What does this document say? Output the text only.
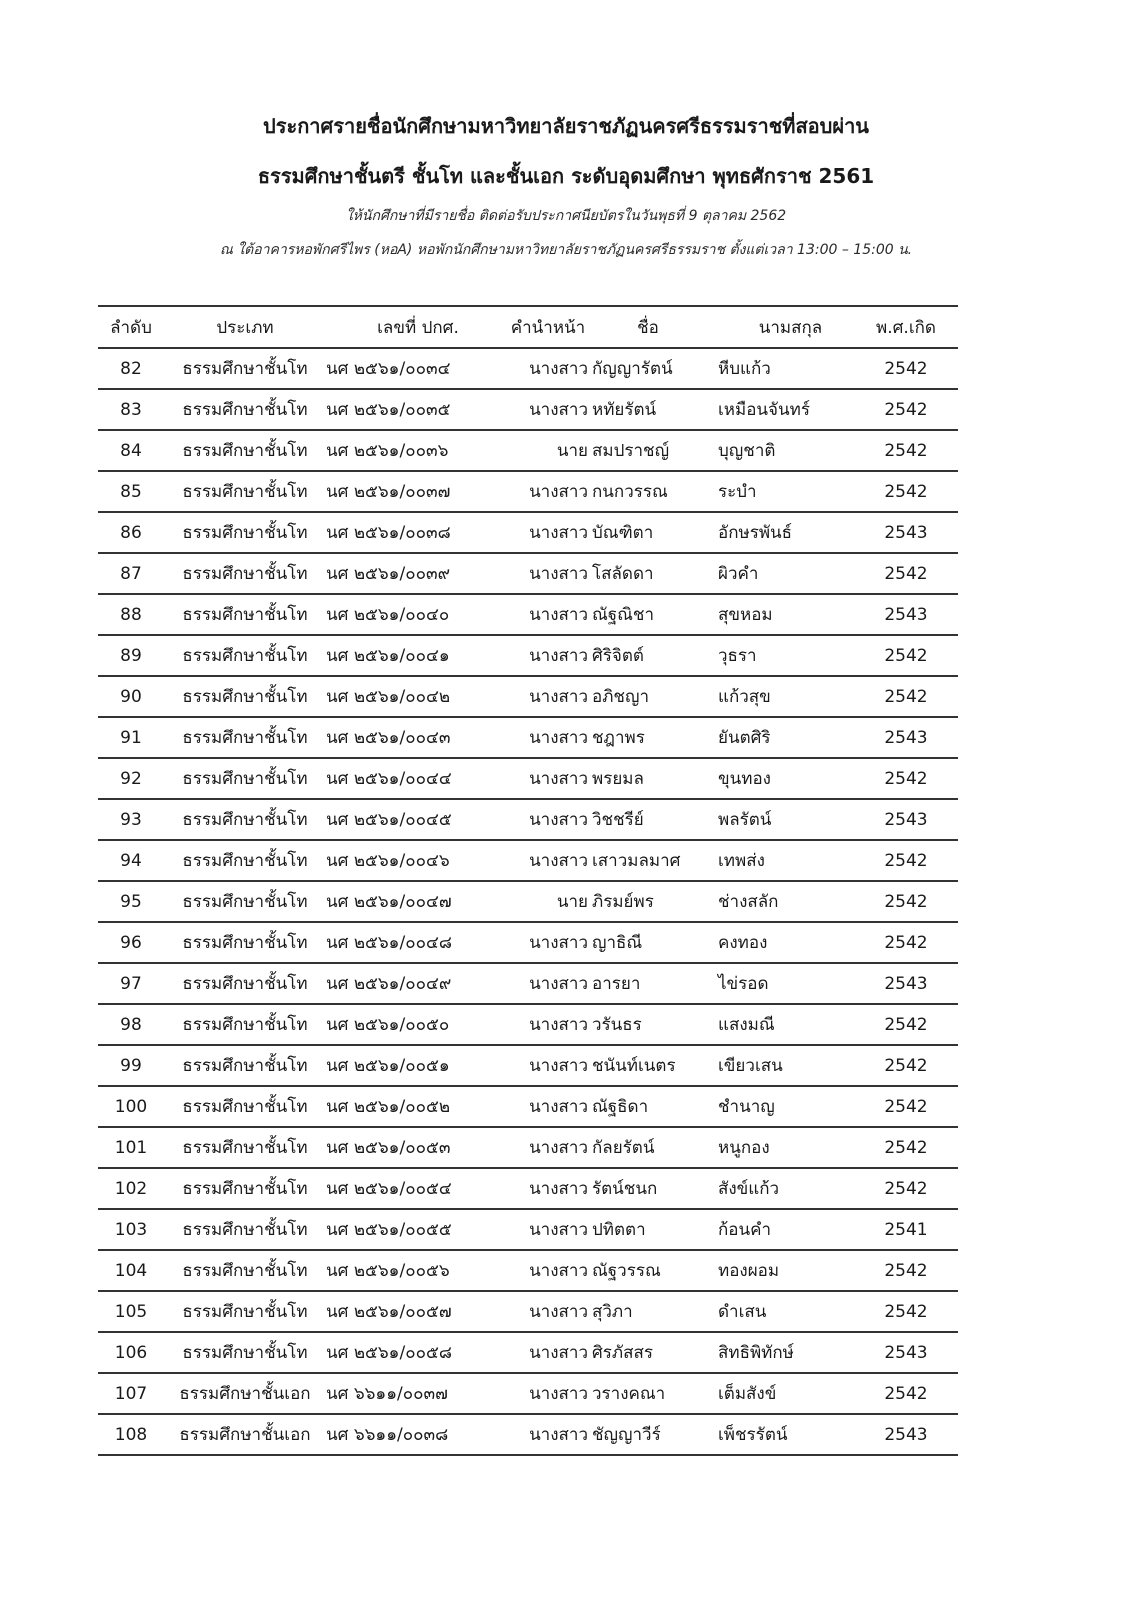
ประกาศรายชื่อนักศึกษามหาวิทยาลัยราชภัฏนครศรีธรรมราชที่สอบผ่าน
ธรรมศึกษาชั้นตรี ชั้นโท และชั้นเอก ระดับอุดมศึกษา พุทธศักราช 2561
ให้นักศึกษาที่มีรายชื่อ ติดต่อรับประกาศนียบัตรในวันพุธที่ 9 ตุลาคม 2562
ณ ใต้อาคารหอพักศรีไพร (หอA) หอพักนักศึกษามหาวิทยาลัยราชภัฏนครศรีธรรมราช ตั้งแต่เวลา 13:00 – 15:00 น.
ลำดับ	ประเภท	เลขที่ ปกศ.	คำนำหน้า	ชื่อ	นามสกุล	พ.ศ.เกิด
82	ธรรมศึกษาชั้นโท	นศ ๒๕๖๑/๐๐๓๔	นางสาว กัญญารัตน์	หีบแก้ว	2542
83	ธรรมศึกษาชั้นโท	นศ ๒๕๖๑/๐๐๓๕	นางสาว หทัยรัตน์	เหมือนจันทร์	2542
84	ธรรมศึกษาชั้นโท	นศ ๒๕๖๑/๐๐๓๖	นาย สมปราชญ์	บุญชาติ	2542
85	ธรรมศึกษาชั้นโท	นศ ๒๕๖๑/๐๐๓๗	นางสาว กนกวรรณ	ระบำ	2542
86	ธรรมศึกษาชั้นโท	นศ ๒๕๖๑/๐๐๓๘	นางสาว บัณฑิตา	อักษรพันธ์	2543
87	ธรรมศึกษาชั้นโท	นศ ๒๕๖๑/๐๐๓๙	นางสาว โสลัดดา	ผิวคำ	2542
88	ธรรมศึกษาชั้นโท	นศ ๒๕๖๑/๐๐๔๐	นางสาว ณัฐณิชา	สุขหอม	2543
89	ธรรมศึกษาชั้นโท	นศ ๒๕๖๑/๐๐๔๑	นางสาว ศิริจิตต์	วุธรา	2542
90	ธรรมศึกษาชั้นโท	นศ ๒๕๖๑/๐๐๔๒	นางสาว อภิชญา	แก้วสุข	2542
91	ธรรมศึกษาชั้นโท	นศ ๒๕๖๑/๐๐๔๓	นางสาว ชฎาพร	ยันตศิริ	2543
92	ธรรมศึกษาชั้นโท	นศ ๒๕๖๑/๐๐๔๔	นางสาว พรยมล	ขุนทอง	2542
93	ธรรมศึกษาชั้นโท	นศ ๒๕๖๑/๐๐๔๕	นางสาว วิชชรีย์	พลรัตน์	2543
94	ธรรมศึกษาชั้นโท	นศ ๒๕๖๑/๐๐๔๖	นางสาว เสาวมลมาศ	เทพส่ง	2542
95	ธรรมศึกษาชั้นโท	นศ ๒๕๖๑/๐๐๔๗	นาย ภิรมย์พร	ช่างสลัก	2542
96	ธรรมศึกษาชั้นโท	นศ ๒๕๖๑/๐๐๔๘	นางสาว ญาธิณี	คงทอง	2542
97	ธรรมศึกษาชั้นโท	นศ ๒๕๖๑/๐๐๔๙	นางสาว อารยา	ไข่รอด	2543
98	ธรรมศึกษาชั้นโท	นศ ๒๕๖๑/๐๐๕๐	นางสาว วรันธร	แสงมณี	2542
99	ธรรมศึกษาชั้นโท	นศ ๒๕๖๑/๐๐๕๑	นางสาว ชนันท์เนตร	เขียวเสน	2542
100	ธรรมศึกษาชั้นโท	นศ ๒๕๖๑/๐๐๕๒	นางสาว ณัฐธิดา	ชำนาญ	2542
101	ธรรมศึกษาชั้นโท	นศ ๒๕๖๑/๐๐๕๓	นางสาว กัลยรัตน์	หนูกอง	2542
102	ธรรมศึกษาชั้นโท	นศ ๒๕๖๑/๐๐๕๔	นางสาว รัตน์ชนก	สังข์แก้ว	2542
103	ธรรมศึกษาชั้นโท	นศ ๒๕๖๑/๐๐๕๕	นางสาว ปทิตตา	ก้อนคำ	2541
104	ธรรมศึกษาชั้นโท	นศ ๒๕๖๑/๐๐๕๖	นางสาว ณัฐวรรณ	ทองผอม	2542
105	ธรรมศึกษาชั้นโท	นศ ๒๕๖๑/๐๐๕๗	นางสาว สุวิภา	ดำเสน	2542
106	ธรรมศึกษาชั้นโท	นศ ๒๕๖๑/๐๐๕๘	นางสาว ศิรภัสสร	สิทธิพิทักษ์	2543
107	ธรรมศึกษาชั้นเอก นศ ๖๖๑๑/๐๐๓๗	นางสาว วรางคณา	เต็มสังข์	2542
108	ธรรมศึกษาชั้นเอก นศ ๖๖๑๑/๐๐๓๘	นางสาว ชัญญาวีร์	เพ็ชรรัตน์	2543
